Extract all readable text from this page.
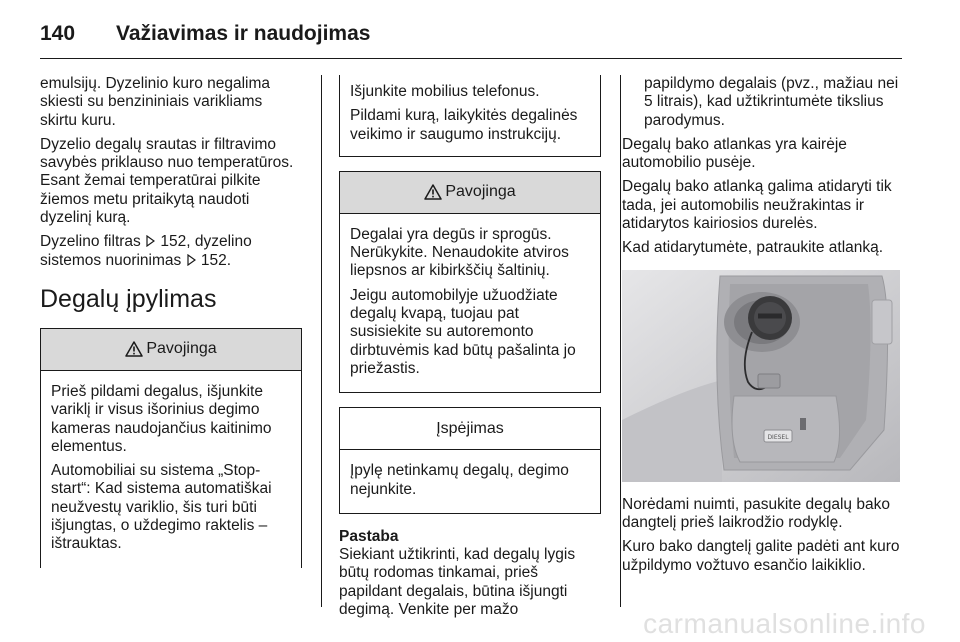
140	Važiavimas ir naudojimas

emulsijų. Dyzelinio kuro negalima skiesti su benzininiais varikliams skirtu kuru.

Dyzelio degalų srautas ir filtravimo savybės priklauso nuo temperatūros. Esant žemai temperatūrai pilkite žiemos metu pritaikytą naudoti dyzelinį kurą.

Dyzelino filtras  152, dyzelino sistemos nuorinimas  152.

Degalų įpylimas
Pavojinga

Prieš pildami degalus, išjunkite variklį ir visus išorinius degimo kameras naudojančius kaitinimo elementus.

Automobiliai su sistema „Stop-start“: Kad sistema automatiškai neužvestų variklio, šis turi būti išjungtas, o uždegimo raktelis – ištrauktas.

Išjunkite mobilius telefonus.

Pildami kurą, laikykitės degalinės veikimo ir saugumo instrukcijų.

Pavojinga

Degalai yra degūs ir sprogūs. Nerūkykite. Nenaudokite atviros liepsnos ar kibirkščių šaltinių.

Jeigu automobilyje užuodžiate degalų kvapą, tuojau pat susisiekite su autoremonto dirbtuvėmis kad būtų pašalinta jo priežastis.

Įspėjimas

Įpylę netinkamų degalų, degimo nejunkite.

Pastaba

Siekiant užtikrinti, kad degalų lygis būtų rodomas tinkamai, prieš papildant degalais, būtina išjungti degimą. Venkite per mažo

papildymo degalais (pvz., mažiau nei 5 litrais), kad užtikrintumėte tikslius parodymus.

Degalų bako atlankas yra kairėje automobilio pusėje.

Degalų bako atlanką galima atidaryti tik tada, jei automobilis neužrakintas ir atidarytos kairiosios durelės.

Kad atidarytumėte, patraukite atlanką.

DIESEL

Norėdami nuimti, pasukite degalų bako dangtelį prieš laikrodžio rodyklę.

Kuro bako dangtelį galite padėti ant kuro užpildymo vožtuvo esančio laikiklio.

carmanualsonline.info
